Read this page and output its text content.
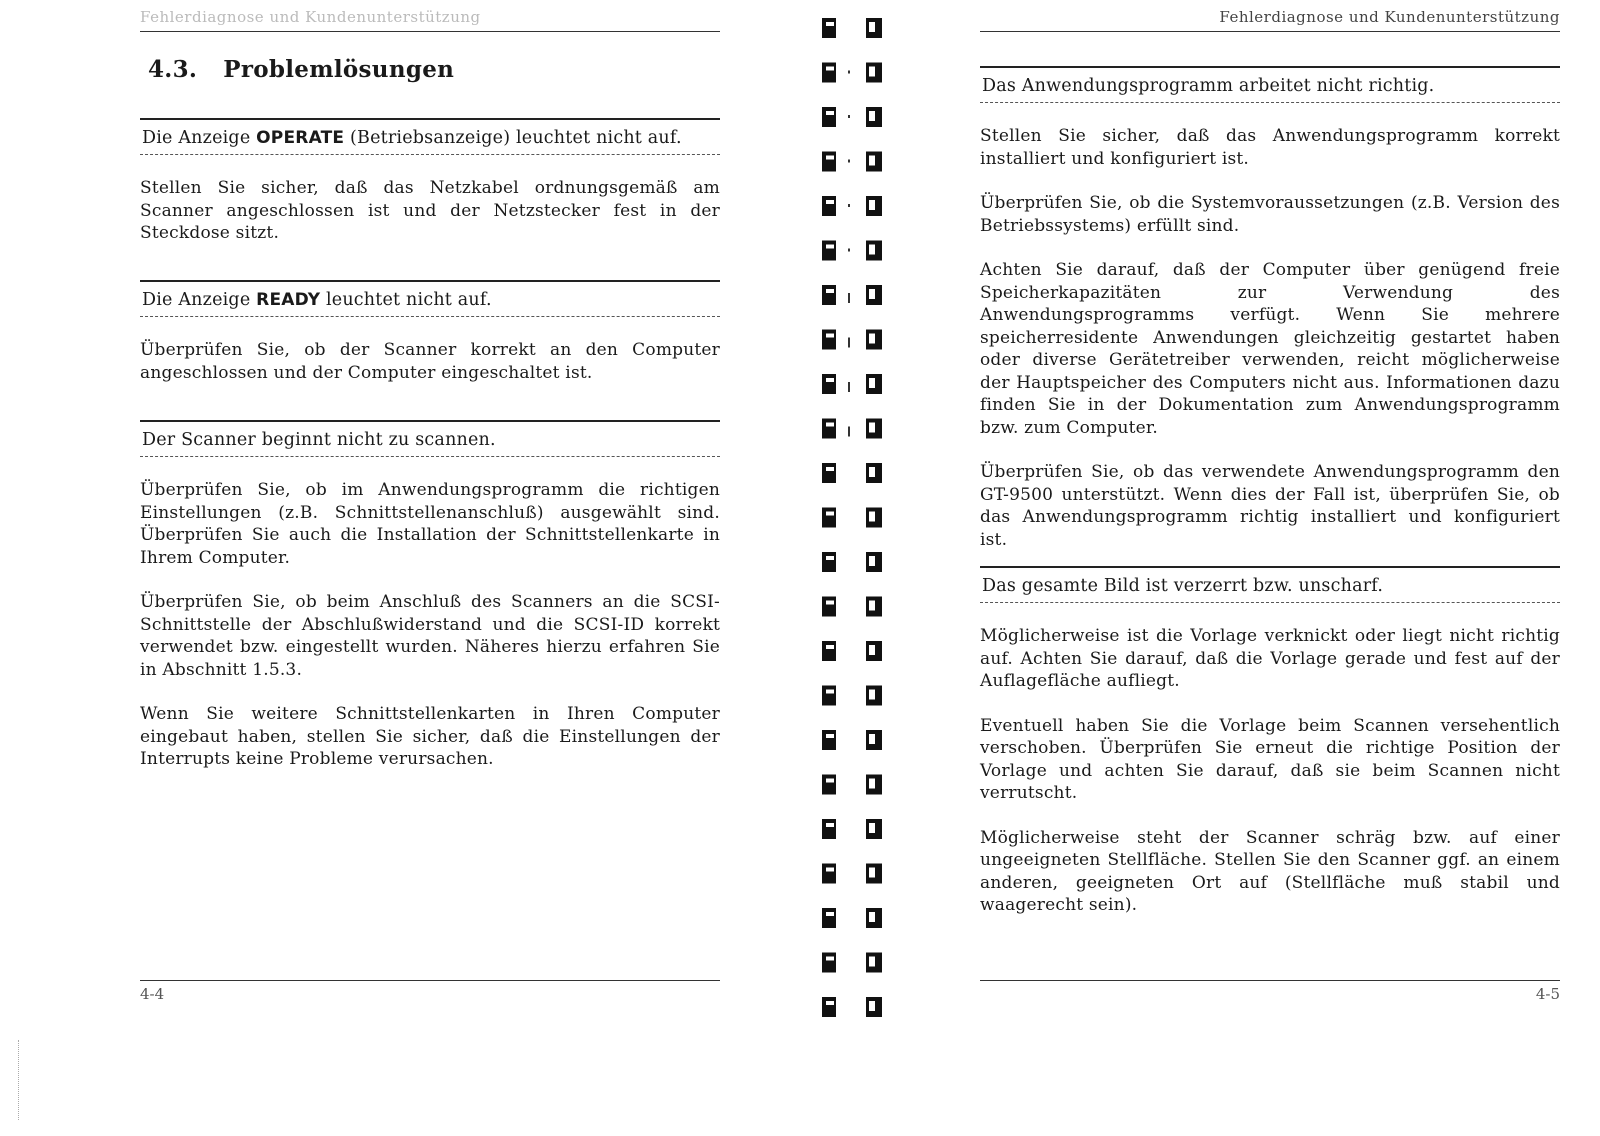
Fehlerdiagnose und Kundenunterstützung
4.3. Problemlösungen
Die Anzeige OPERATE (Betriebsanzeige) leuchtet nicht auf.

Stellen Sie sicher, daß das Netzkabel ordnungsgemäß am Scanner angeschlossen ist und der Netzstecker fest in der Steckdose sitzt.

Die Anzeige READY leuchtet nicht auf.

Überprüfen Sie, ob der Scanner korrekt an den Computer angeschlossen und der Computer eingeschaltet ist.

Der Scanner beginnt nicht zu scannen.

Überprüfen Sie, ob im Anwendungsprogramm die richtigen Einstellungen (z.B. Schnittstellenanschluß) ausgewählt sind. Überprüfen Sie auch die Installation der Schnittstellenkarte in Ihrem Computer.

Überprüfen Sie, ob beim Anschluß des Scanners an die SCSI-Schnittstelle der Abschlußwiderstand und die SCSI-ID korrekt verwendet bzw. eingestellt wurden. Näheres hierzu erfahren Sie in Abschnitt 1.5.3.

Wenn Sie weitere Schnittstellenkarten in Ihren Computer eingebaut haben, stellen Sie sicher, daß die Einstellungen der Interrupts keine Probleme verursachen.

4-4
Fehlerdiagnose und Kundenunterstützung
Das Anwendungsprogramm arbeitet nicht richtig.

Stellen Sie sicher, daß das Anwendungsprogramm korrekt installiert und konfiguriert ist.

Überprüfen Sie, ob die Systemvoraussetzungen (z.B. Version des Betriebssystems) erfüllt sind.

Achten Sie darauf, daß der Computer über genügend freie Speicherkapazitäten zur Verwendung des Anwendungsprogramms verfügt. Wenn Sie mehrere speicherresidente Anwendungen gleichzeitig gestartet haben oder diverse Gerätetreiber verwenden, reicht möglicherweise der Hauptspeicher des Computers nicht aus. Informationen dazu finden Sie in der Dokumentation zum Anwendungsprogramm bzw. zum Computer.

Überprüfen Sie, ob das verwendete Anwendungsprogramm den GT-9500 unterstützt. Wenn dies der Fall ist, überprüfen Sie, ob das Anwendungsprogramm richtig installiert und konfiguriert ist.

Das gesamte Bild ist verzerrt bzw. unscharf.

Möglicherweise ist die Vorlage verknickt oder liegt nicht richtig auf. Achten Sie darauf, daß die Vorlage gerade und fest auf der Auflagefläche aufliegt.

Eventuell haben Sie die Vorlage beim Scannen versehentlich verschoben. Überprüfen Sie erneut die richtige Position der Vorlage und achten Sie darauf, daß sie beim Scannen nicht verrutscht.

Möglicherweise steht der Scanner schräg bzw. auf einer ungeeigneten Stellfläche. Stellen Sie den Scanner ggf. an einem anderen, geeigneten Ort auf (Stellfläche muß stabil und waagerecht sein).

4-5
